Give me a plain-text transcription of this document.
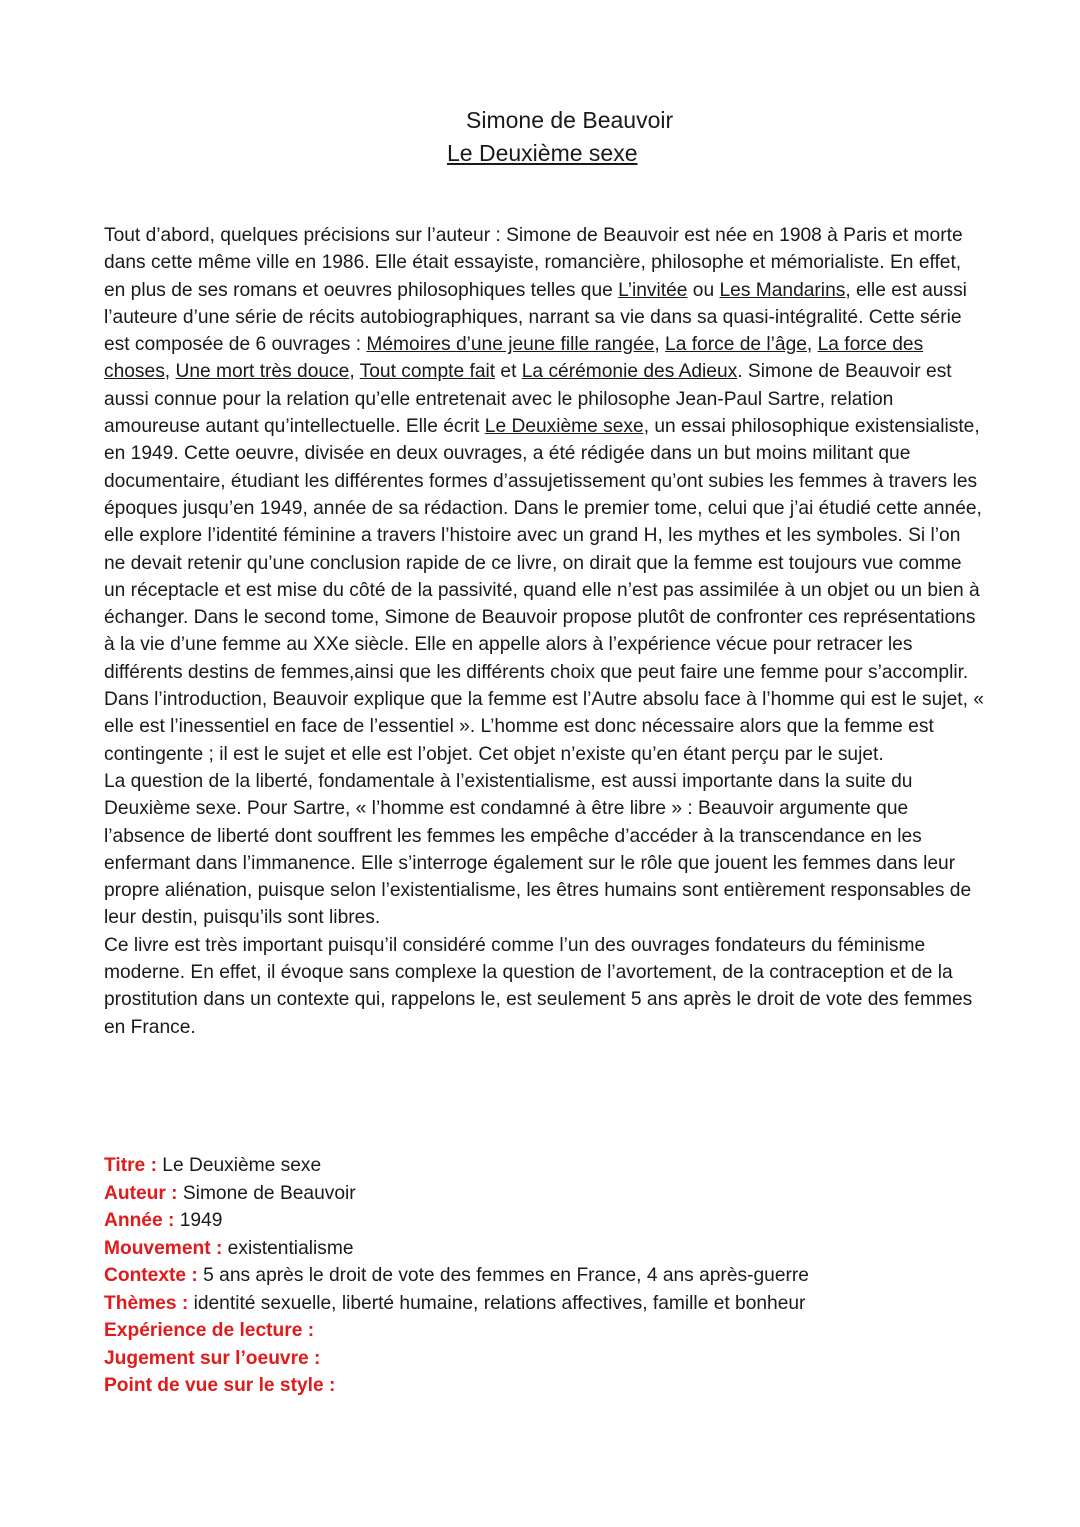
Simone de Beauvoir
Le Deuxième sexe

Tout d’abord, quelques précisions sur l’auteur : Simone de Beauvoir est née en 1908 à Paris et morte dans cette même ville en 1986. Elle était essayiste, romancière, philosophe et mémorialiste. En effet, en plus de ses romans et oeuvres philosophiques telles que L’invitée ou Les Mandarins, elle est aussi l’auteure d’une série de récits autobiographiques, narrant sa vie dans sa quasi-intégralité. Cette série est composée de 6 ouvrages : Mémoires d’une jeune fille rangée, La force de l’âge, La force des choses, Une mort très douce, Tout compte fait et La cérémonie des Adieux. Simone de Beauvoir est aussi connue pour la relation qu’elle entretenait avec le philosophe Jean-Paul Sartre, relation amoureuse autant qu’intellectuelle. Elle écrit Le Deuxième sexe, un essai philosophique existensialiste, en 1949. Cette oeuvre, divisée en deux ouvrages, a été rédigée dans un but moins militant que documentaire, étudiant les différentes formes d’assujetissement qu’ont subies les femmes à travers les époques jusqu’en 1949, année de sa rédaction. Dans le premier tome, celui que j’ai étudié cette année, elle explore l’identité féminine a travers l’histoire avec un grand H, les mythes et les symboles. Si l’on ne devait retenir qu’une conclusion rapide de ce livre, on dirait que la femme est toujours vue comme un réceptacle et est mise du côté de la passivité, quand elle n’est pas assimilée à un objet ou un bien à échanger. Dans le second tome, Simone de Beauvoir propose plutôt de confronter ces représentations à la vie d’une femme au XXe siècle. Elle en appelle alors à l’expérience vécue pour retracer les différents destins de femmes,ainsi que les différents choix que peut faire une femme pour s’accomplir.

Dans l’introduction, Beauvoir explique que la femme est l’Autre absolu face à l’homme qui est le sujet, « elle est l’inessentiel en face de l’essentiel ». L’homme est donc nécessaire alors que la femme est contingente ; il est le sujet et elle est l’objet. Cet objet n’existe qu’en étant perçu par le sujet.

La question de la liberté, fondamentale à l’existentialisme, est aussi importante dans la suite du Deuxième sexe. Pour Sartre, « l’homme est condamné à être libre » : Beauvoir argumente que l’absence de liberté dont souffrent les femmes les empêche d’accéder à la transcendance en les enfermant dans l’immanence. Elle s’interroge également sur le rôle que jouent les femmes dans leur propre aliénation, puisque selon l’existentialisme, les êtres humains sont entièrement responsables de leur destin, puisqu’ils sont libres.

Ce livre est très important puisqu’il considéré comme l’un des ouvrages fondateurs du féminisme moderne. En effet, il évoque sans complexe la question de l’avortement, de la contraception et de la prostitution dans un contexte qui, rappelons le, est seulement 5 ans après le droit de vote des femmes en France.

Titre : Le Deuxième sexe

Auteur : Simone de Beauvoir

Année : 1949

Mouvement : existentialisme

Contexte : 5 ans après le droit de vote des femmes en France, 4 ans après-guerre

Thèmes : identité sexuelle, liberté humaine, relations affectives, famille et bonheur

Expérience de lecture :

Jugement sur l’oeuvre :

Point de vue sur le style :
